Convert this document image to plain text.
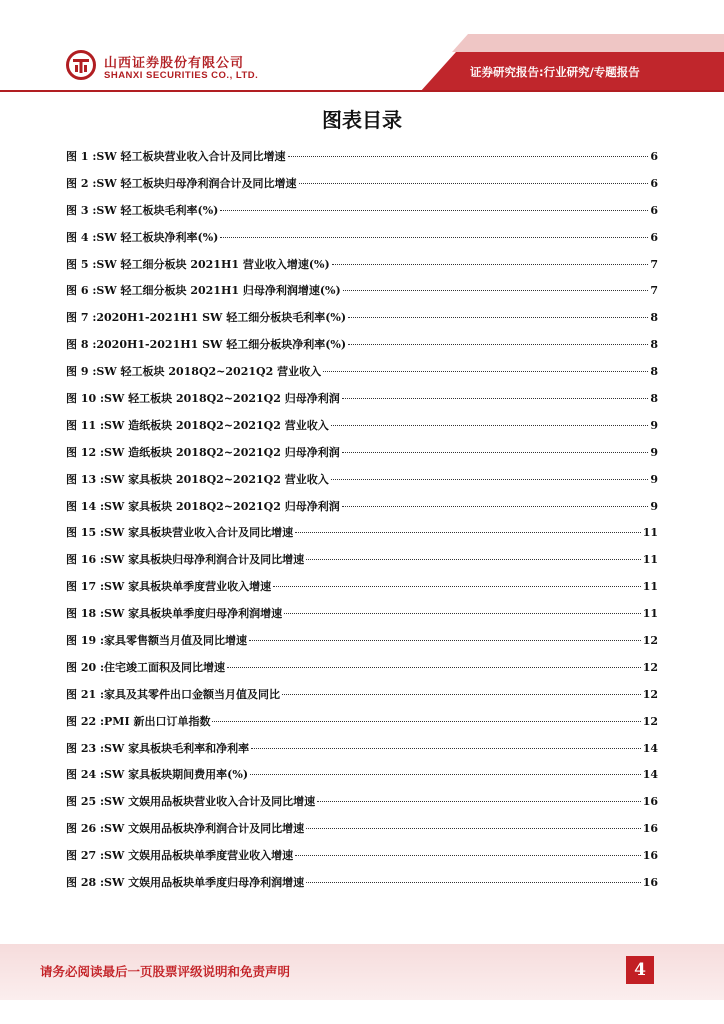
山西证券股份有限公司
SHANXI SECURITIES CO., LTD.	证券研究报告:行业研究/专题报告
图表目录
图 1 : SW 轻工板块营业收入合计及同比增速	6
图 2 : SW 轻工板块归母净利润合计及同比增速	6
图 3 : SW 轻工板块毛利率(%)	6
图 4 : SW 轻工板块净利率(%)	6
图 5 : SW 轻工细分板块 2021H1 营业收入增速(%)	7
图 6 : SW 轻工细分板块 2021H1 归母净利润增速(%)	7
图 7 : 2020H1-2021H1 SW 轻工细分板块毛利率(%)	8
图 8 : 2020H1-2021H1 SW 轻工细分板块净利率(%)	8
图 9 : SW 轻工板块 2018Q2~2021Q2 营业收入	8
图 10 : SW 轻工板块 2018Q2~2021Q2 归母净利润	8
图 11 : SW 造纸板块 2018Q2~2021Q2 营业收入	9
图 12 : SW 造纸板块 2018Q2~2021Q2 归母净利润	9
图 13 : SW 家具板块 2018Q2~2021Q2 营业收入	9
图 14 : SW 家具板块 2018Q2~2021Q2 归母净利润	9
图 15 : SW 家具板块营业收入合计及同比增速	11
图 16 : SW 家具板块归母净利润合计及同比增速	11
图 17 : SW 家具板块单季度营业收入增速	11
图 18 : SW 家具板块单季度归母净利润增速	11
图 19 : 家具零售额当月值及同比增速	12
图 20 : 住宅竣工面积及同比增速	12
图 21 : 家具及其零件出口金额当月值及同比	12
图 22 : PMI 新出口订单指数	12
图 23 : SW 家具板块毛利率和净利率	14
图 24 : SW 家具板块期间费用率(%)	14
图 25 : SW 文娱用品板块营业收入合计及同比增速	16
图 26 : SW 文娱用品板块净利润合计及同比增速	16
图 27 : SW 文娱用品板块单季度营业收入增速	16
图 28 : SW 文娱用品板块单季度归母净利润增速	16
请务必阅读最后一页股票评级说明和免责声明	4
